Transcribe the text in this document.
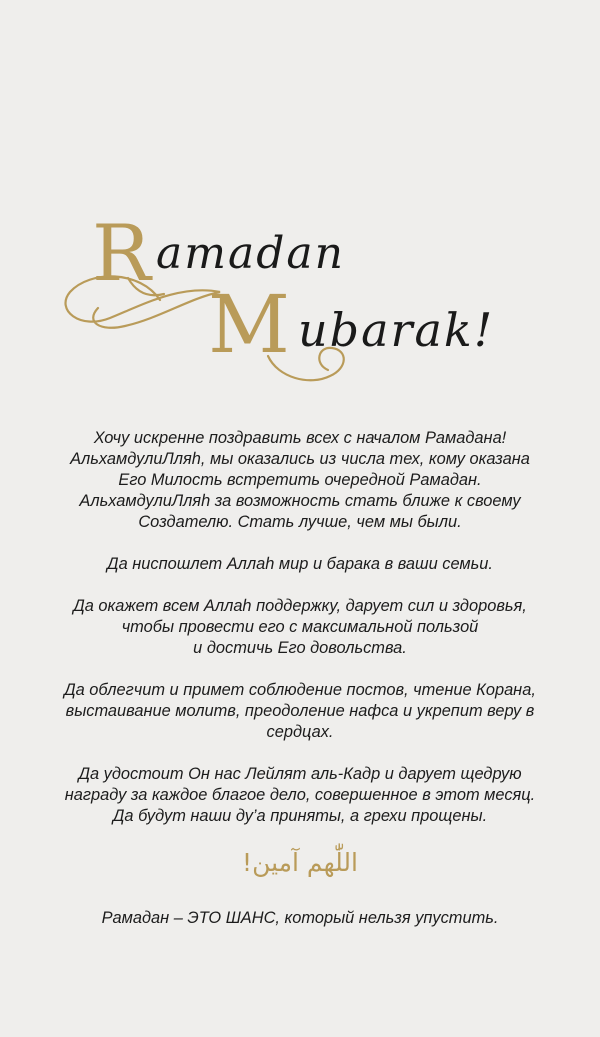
R amadan
M ubarak!
Хочу искренне поздравить всех с началом Рамадана!
АльхамдулиЛляһ, мы оказались из числа тех, кому оказана
Его Милость встретить очередной Рамадан.
АльхамдулиЛляһ за возможность стать ближе к своему
Создателю. Стать лучше, чем мы были.
Да ниспошлет Аллаһ мир и барака в ваши семьи.
Да окажет всем Аллаһ поддержку, дарует сил и здоровья,
чтобы провести его с максимальной пользой
и достичь Его довольства.
Да облегчит и примет соблюдение постов, чтение Корана,
выстаивание молитв, преодоление нафса и укрепит веру в
сердцах.
Да удостоит Он нас Лейлят аль-Кадр и дарует щедрую
награду за каждое благое дело, совершенное в этот месяц.
Да будут наши ду’а приняты, а грехи прощены.
اللّٰهم آمين!
Рамадан – ЭТО ШАНС, который нельзя упустить.
